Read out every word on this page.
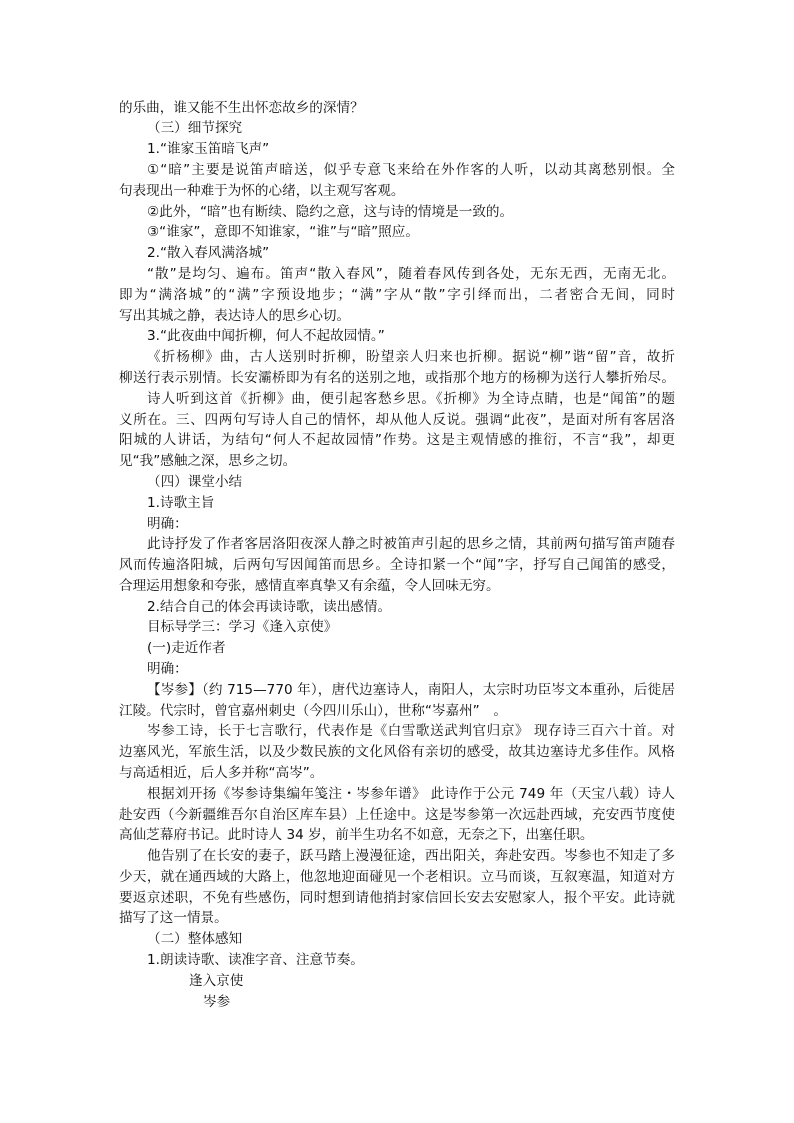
的乐曲，谁又能不生出怀恋故乡的深情？
（三）细节探究
1.“谁家玉笛暗飞声”
①“暗”主要是说笛声暗送，似乎专意飞来给在外作客的人听，以动其离愁别恨。全
句表现出一种难于为怀的心绪，以主观写客观。
②此外，“暗”也有断续、隐约之意，这与诗的情境是一致的。
③“谁家”，意即不知谁家，“谁”与“暗”照应。
2.“散入春风满洛城”
“散”是均匀、遍布。笛声“散入春风”，随着春风传到各处，无东无西，无南无北。
即为“满洛城”的“满”字预设地步；“满”字从“散”字引绎而出，二者密合无间，同时
写出其城之静，表达诗人的思乡心切。
3.“此夜曲中闻折柳，何人不起故园情。”
《折杨柳》曲，古人送别时折柳，盼望亲人归来也折柳。据说“柳”谐“留”音，故折
柳送行表示别情。长安灞桥即为有名的送别之地，或指那个地方的杨柳为送行人攀折殆尽。
诗人听到这首《折柳》曲，便引起客愁乡思。《折柳》为全诗点睛，也是“闻笛”的题
义所在。三、四两句写诗人自己的情怀，却从他人反说。强调“此夜”，是面对所有客居洛
阳城的人讲话，为结句“何人不起故园情”作势。这是主观情感的推衍，不言“我”，却更
见“我”感触之深，思乡之切。
（四）课堂小结
1.诗歌主旨
明确：
此诗抒发了作者客居洛阳夜深人静之时被笛声引起的思乡之情，其前两句描写笛声随春
风而传遍洛阳城，后两句写因闻笛而思乡。全诗扣紧一个“闻”字，抒写自己闻笛的感受，
合理运用想象和夸张，感情直率真挚又有余蕴，令人回味无穷。
2.结合自己的体会再读诗歌，读出感情。
目标导学三：学习《逢入京使》
(一)走近作者
明确：
【岑参】（约 715—770 年），唐代边塞诗人，南阳人，太宗时功臣岑文本重孙，后徙居
江陵。代宗时，曾官嘉州刺史（今四川乐山），世称“岑嘉州”　。
岑参工诗，长于七言歌行，代表作是《白雪歌送武判官归京》 现存诗三百六十首。对
边塞风光，军旅生活，以及少数民族的文化风俗有亲切的感受，故其边塞诗尤多佳作。风格
与高适相近，后人多并称“高岑”。
根据刘开扬《岑参诗集编年笺注・岑参年谱》 此诗作于公元 749 年（天宝八载）诗人
赴安西（今新疆维吾尔自治区库车县）上任途中。这是岑参第一次远赴西域，充安西节度使
高仙芝幕府书记。此时诗人 34 岁，前半生功名不如意，无奈之下，出塞任职。
他告别了在长安的妻子，跃马踏上漫漫征途，西出阳关，奔赴安西。岑参也不知走了多
少天，就在通西域的大路上，他忽地迎面碰见一个老相识。立马而谈，互叙寒温，知道对方
要返京述职，不免有些感伤，同时想到请他捎封家信回长安去安慰家人，报个平安。此诗就
描写了这一情景。
（二）整体感知
1.朗读诗歌、读准字音、注意节奏。
逢入京使
岑参
